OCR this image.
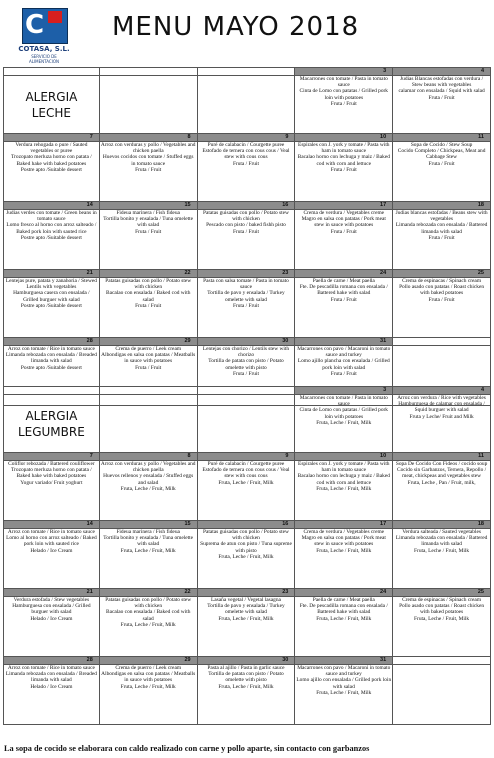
C
COTASA, S.L.
SERVICIO DE ALIMENTACION
MENU MAYO 2018
			3	4
ALERGIA
LECHE			Macarrones con tomate / Pasta in tomato sauce
Cinta de Lomo con patatas / Grilled pork loin with potatoes
Fruta / Fruit	Judias Blancas estofadas con verdura / Stew beans with vegetables
calamar con ensalada / Squid with salad
Fruta / Fruit
7	8	9	10	11
Verdura rehogada o pure / Sauted vegetables or puree
Trozopato merluza horno con patata / Baked hake with baked potatoes
Postre apto /Suitable dessert	Arroz con verduras y pollo / Vegetables and chicken paella
Huevos cocidos con tomate / Stuffed eggs in tomato sauce
Fruta / Fruit	Puré de calabacin / Courgette puree
Estofado de ternera con cous cous / Veal stew with cous cous
Fruta / Fruit	Espirales con J. york y tomate / Pasta with ham in tomato sauce
Bacalao horno con lechuga y maiz / Baked cod with corn and lettuce
Fruta / Fruit	Sopa de Cocido / Stew Soup
Cocido Completo / Chickpeas, Meat and Cabbage Stew
Fruta / Fruit
14	15	16	17	18
Judias verdes con tomate / Green beans in tomato sauce
Lomo fresco al horno con arroz salteado / Baked pork loin with sauted rice
Postre apto /Suitable dessert	Fideua marinera / Fish fideua
Tortilla bonito y ensalada / Tuna omelette with salad
Fruta / Fruit	Patatas guisadas con pollo / Potato stew with chicken
Pescado con pisto / baked fishh pisto
Fruta / Fruit	Crema de verdura / Vegetables creme
Magro en salsa con patatas / Pork meat stew in sauce with potatoes
Fruta / Fruit	Judias blancas estofadas / Beans stew with vegetables
Limanda rebozada con ensalada / Battered limanda with salad
Fruta / Fruit
21	22	23	24	25
Lentejas pure, patata y zanahoria / Stewed Lentils with vegetables
Hamburguesa casera con ensalada / Grilled burguer with salad
Postre apto /Suitable dessert	Patatas guisadas con pollo / Potato stew with chicken
Bacalao con ensalada / Baked cod with salad
Fruta / Fruit	Pasta con salsa tomate / Pasta in tomato sauce
Tortilla de pavo y ensalada / Turkey omelette with salad
Fruta / Fruit	Paella de carne / Meat paella
Fte. De pescadilla romana con ensalada / Battered hake with salad
Fruta / Fruit	Crema de espinacas / Spinach cream
Pollo asado con patatas / Roast chicken with baked potatoes
Fruta / Fruit
28	29	30	31	
Arroz con tomate / Rice in tomato sauce
Limanda rebozada con ensalada / Breaded limanda with salad
Postre apto /Suitable dessert	Crema de puerro / Leek cream
Albondigas en salsa con patatas / Meatballs in sauce with potatoes
Fruta / Fruit	Lentejas con chorizo / Lentils stew with chorizo
Tortilla de patata con pisto / Potato omelette with pisto
Fruta / Fruit	Macarrones con pavo / Macaroni in tomato sauce and turkey
Lomo ajillo plancha con ensalada / Grilled pork loin with salad
Fruta / Fruit	
			3	4
ALERGIA
LEGUMBRE			Macarrones con tomate / Pasta in tomato sauce
Cinta de Lomo con patatas / Grilled pork loin with potatoes
Fruta, Leche / Fruit, Milk	Arroz con verdura / Rice with vegetables
Hamburguesa de calamar con ensalada / Squid burguer with salad
Fruta y Leche/ Fruit and Milk
7	8	9	10	11
Coliflor rebozada / Battered couliflower
Trozopato merluza horno con patata / Baked hake with baked potatoes
Yogur variado/ Fruit yoghurt	Arroz con verduras y pollo / Vegetables and chicken paella
Huevos rellenos y ensalada / Stuffed eggs and salad
Fruta, Leche / Fruit, Milk	Puré de calabacin / Courgette puree
Estofado de ternera con cous cous / Veal stew with cous cous
Fruta, Leche / Fruit, Milk	Espirales con J. york y tomate / Pasta with ham in tomato sauce
Bacalao horno con lechuga y maiz / Baked cod with corn and lettuce
Fruta, Leche / Fruit, Milk	Sopa De Cocido Con Fideos / cocido soup
Cocido sin Garbanzos, Ternera, Repollo / meat, chickpeas and vegetables stew
Fruta, Leche , Pan / Fruit, milk,
14	15	16	17	18
Arroz con tomate / Rice in tomato sauce
Lomo al horno con arroz salteado / Baked pork loin with sauted rice
Helado / Ice Cream	Fideua marinera / Fish fideua
Tortilla bonito y ensalada / Tuna omelette with salad
Fruta, Leche / Fruit, Milk	Patatas guisadas con pollo / Potato stew with chicken
Suprema de atun con pisto / Tuna supreme with pisto
Fruta, Leche / Fruit, Milk	Crema de verdura / Vegetables creme
Magro en salsa con patatas / Pork meat stew in sauce with potatoes
Fruta, Leche / Fruit, Milk	Verdura salteada / Sauted vegetables
Limanda rebozada con ensalada / Battered limanda with salad
Fruta, Leche / Fruit, Milk
21	22	23	24	25
Verdura estofada / Stew vegetables
Hamburguesa con ensalada / Grilled burguer with salad
Helado / Ice Cream	Patatas guisadas con pollo / Potato stew with chicken
Bacalao con ensalada / Baked cod with salad
Fruta, Leche / Fruit, Milk	Lasaña vegetal / Vegetal lasagna
Tortilla de pavo y ensalada / Turkey omelette with salad
Fruta, Leche / Fruit, Milk	Paella de carne / Meat paella
Fte. De pescadilla romana con ensalada / Battered hake with salad
Fruta, Leche / Fruit, Milk	Crema de espinacas / Spinach cream
Pollo asado con patatas / Roast chicken with baked potatoes
Fruta, Leche / Fruit, Milk
28	29	30	31	
Arroz con tomate / Rice in tomato sauce
Limanda rebozada con ensalada / Breaded limanda with salad
Helado / Ice Cream	Crema de puerro / Leek cream
Albondigas en salsa con patatas / Meatballs in sauce with potatoes
Fruta, Leche / Fruit, Milk	Pasta al ajillo / Pasta in garlic sauce
Tortilla de patata con pisto / Potato omelette with pisto
Fruta, Leche / Fruit, Milk	Macarrones con pavo / Macaroni in tomato sauce and turkey
Lomo ajillo con ensalada / Grilled pork loin with salad
Fruta, Leche / Fruit, Milk	
La sopa de cocido se elaborara con caldo realizado con carne y pollo aparte, sin contacto con garbanzos
